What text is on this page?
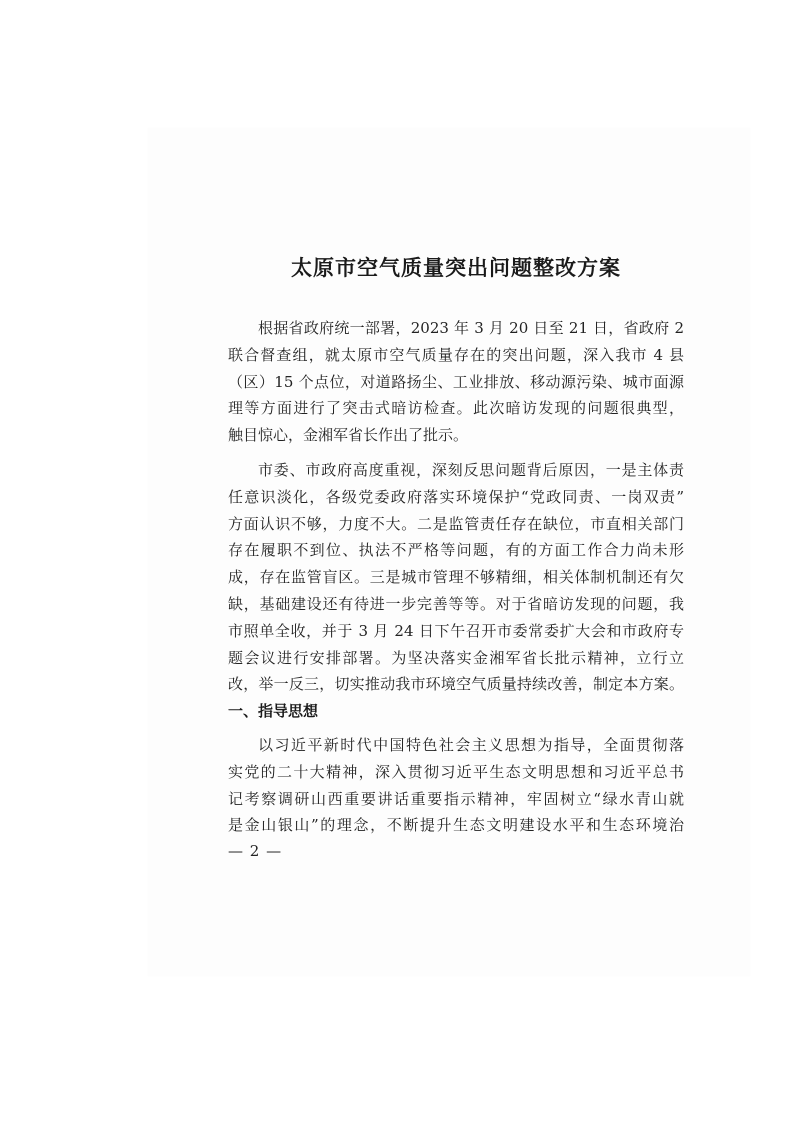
太原市空气质量突出问题整改方案
根据省政府统一部署，2023 年 3 月 20 日至 21 日，省政府 2
联合督查组，就太原市空气质量存在的突出问题，深入我市 4 县
（区）15 个点位，对道路扬尘、工业排放、移动源污染、城市面源
理等方面进行了突击式暗访检查。此次暗访发现的问题很典型，
触目惊心，金湘军省长作出了批示。
市委、市政府高度重视，深刻反思问题背后原因，一是主体责
任意识淡化，各级党委政府落实环境保护“党政同责、一岗双责”
方面认识不够，力度不大。二是监管责任存在缺位，市直相关部门
存在履职不到位、执法不严格等问题，有的方面工作合力尚未形
成，存在监管盲区。三是城市管理不够精细，相关体制机制还有欠
缺，基础建设还有待进一步完善等等。对于省暗访发现的问题，我
市照单全收，并于 3 月 24 日下午召开市委常委扩大会和市政府专
题会议进行安排部署。为坚决落实金湘军省长批示精神，立行立
改，举一反三，切实推动我市环境空气质量持续改善，制定本方案。
一、指导思想
以习近平新时代中国特色社会主义思想为指导，全面贯彻落
实党的二十大精神，深入贯彻习近平生态文明思想和习近平总书
记考察调研山西重要讲话重要指示精神，牢固树立“绿水青山就
是金山银山”的理念，不断提升生态文明建设水平和生态环境治
— 2 —
